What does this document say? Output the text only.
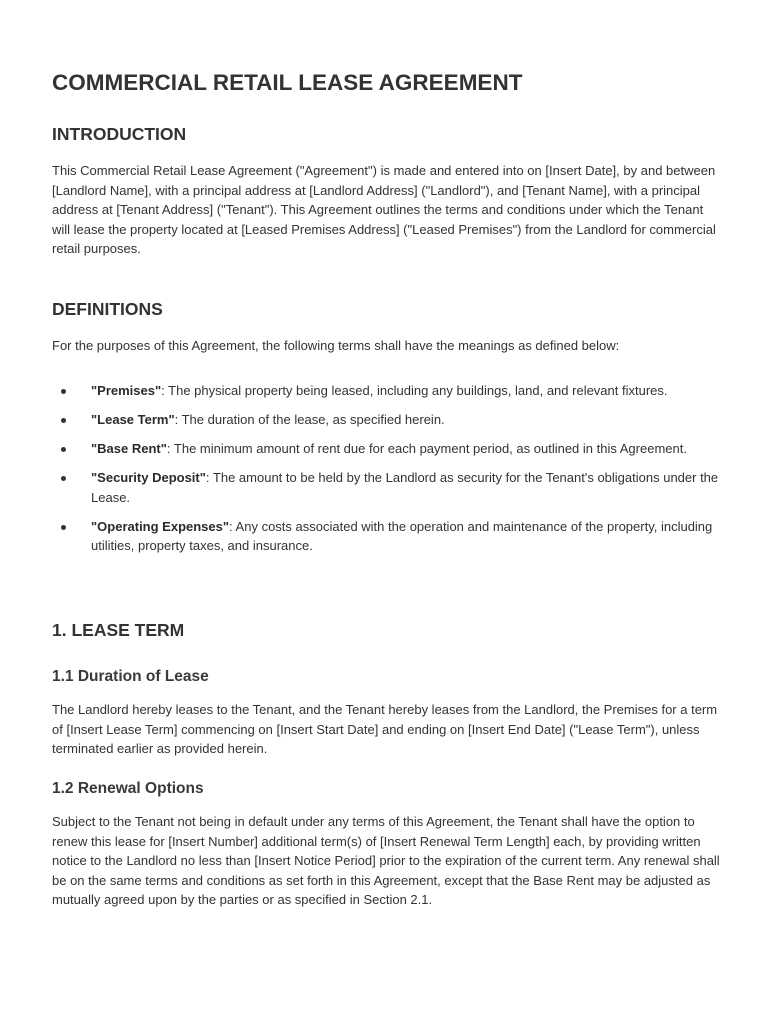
COMMERCIAL RETAIL LEASE AGREEMENT
INTRODUCTION

This Commercial Retail Lease Agreement ("Agreement") is made and entered into on [Insert Date], by and between [Landlord Name], with a principal address at [Landlord Address] ("Landlord"), and [Tenant Name], with a principal address at [Tenant Address] ("Tenant"). This Agreement outlines the terms and conditions under which the Tenant will lease the property located at [Leased Premises Address] ("Leased Premises") from the Landlord for commercial retail purposes.

DEFINITIONS

For the purposes of this Agreement, the following terms shall have the meanings as defined below:

"Premises": The physical property being leased, including any buildings, land, and relevant fixtures.
"Lease Term": The duration of the lease, as specified herein.
"Base Rent": The minimum amount of rent due for each payment period, as outlined in this Agreement.
"Security Deposit": The amount to be held by the Landlord as security for the Tenant's obligations under the Lease.
"Operating Expenses": Any costs associated with the operation and maintenance of the property, including utilities, property taxes, and insurance.
1. LEASE TERM
1.1 Duration of Lease

The Landlord hereby leases to the Tenant, and the Tenant hereby leases from the Landlord, the Premises for a term of [Insert Lease Term] commencing on [Insert Start Date] and ending on [Insert End Date] ("Lease Term"), unless terminated earlier as provided herein.

1.2 Renewal Options

Subject to the Tenant not being in default under any terms of this Agreement, the Tenant shall have the option to renew this lease for [Insert Number] additional term(s) of [Insert Renewal Term Length] each, by providing written notice to the Landlord no less than [Insert Notice Period] prior to the expiration of the current term. Any renewal shall be on the same terms and conditions as set forth in this Agreement, except that the Base Rent may be adjusted as mutually agreed upon by the parties or as specified in Section 2.1.
